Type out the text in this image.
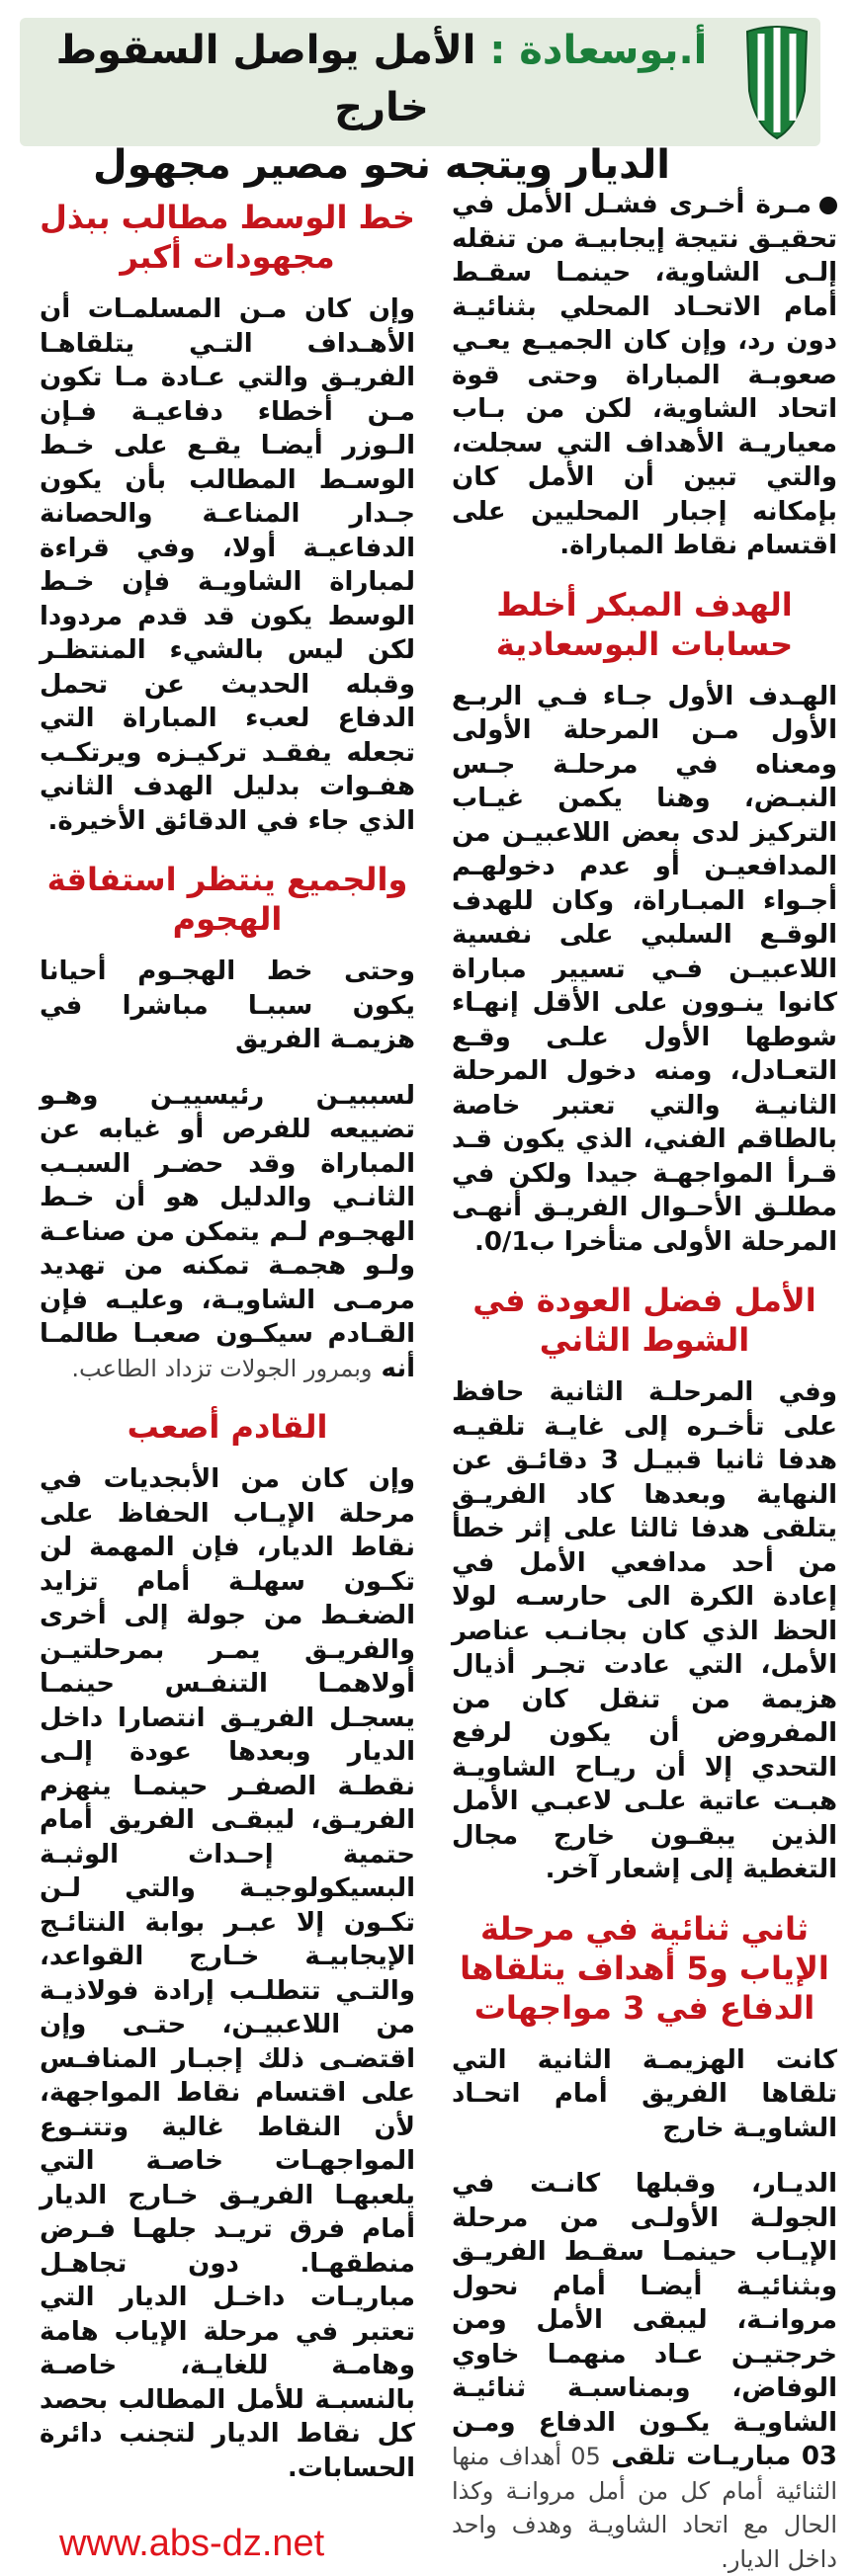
أ.بوسعادة : الأمل يواصل السقوط خارج
الديار ويتجه نحو مصير مجهول

مـرة أخـرى فشـل الأمل في تحقيـق نتيجة إيجابيـة من تنقله إلـى الشاوية، حينمـا سقـط أمام الاتحـاد المحلي بثنائيـة دون رد، وإن كان الجميـع يعـي صعوبـة المباراة وحتى قوة اتحاد الشاوية، لكن من بـاب معياريـة الأهداف التي سجلت، والتي تبين أن الأمل كان بإمكانه إجبار المحليين على اقتسام نقاط المباراة.

الهدف المبكر أخلط حسابات البوسعادية

الهـدف الأول جـاء فـي الربـع الأول مـن المرحلة الأولى ومعناه في مرحلـة جـس النبـض، وهنا يكمن غيـاب التركيز لدى بعض اللاعبيـن من المدافعيـن أو عدم دخولهـم أجـواء المبـاراة، وكان للهدف الوقـع السلبي على نفسية اللاعبيـن فـي تسيير مباراة كانوا ينـوون على الأقل إنهـاء شوطها الأول علـى وقـع التعـادل، ومنه دخول المرحلة الثانيـة والتي تعتبر خاصة بالطاقم الفني، الذي يكون قـد قـرأ المواجهـة جيدا ولكن في مطلـق الأحـوال الفريـق أنهـى المرحلة الأولى متأخرا ب0/1.

الأمل فضل العودة في الشوط الثاني

وفي المرحلـة الثانية حافظ على تأخـره إلى غايـة تلقيـه هدفا ثانيا قبيـل 3 دقائـق عن النهاية وبعدها كاد الفريـق يتلقى هدفا ثالثا على إثر خطأ من أحد مدافعي الأمل في إعادة الكرة الى حارسـه لولا الحظ الذي كان بجانـب عناصر الأمل، التي عادت تجـر أذيال هزيمة من تنقل كان من المفروض أن يكون لرفع التحدي إلا أن ريـاح الشاويـة هبـت عاتية علـى لاعبـي الأمل الذين يبقـون خارج مجال التغطية إلى إشعار آخر.

ثاني ثنائية في مرحلة الإياب و5 أهداف يتلقاها الدفاع في 3 مواجهات

كانت الهزيمـة الثانية التي تلقاها الفريق أمام اتحـاد الشاويـة خارج

الديـار، وقبلها كانـت في الجولـة الأولـى من مرحلة الإيـاب حينمـا سقـط الفريـق وبثنائيـة أيضـا أمام نحول مروانـة، ليبقى الأمل ومن خرجتيـن عـاد منهمـا خاوي الوفاض، وبمناسبـة ثنائيـة الشاويـة يكـون الدفاع ومـن 03 مباريـات تلقى 05 أهداف منها الثنائية أمام كل من أمل مروانـة وكذا الحال مع اتحاد الشاويـة وهدف واحد داخل الديار.

خط الوسط مطالب ببذل مجهودات أكبر

وإن كان مـن المسلمـات أن الأهـداف التـي يتلقاهـا الفريـق والتي عـادة مـا تكون مـن أخطاء دفاعيـة فـإن الـوزر أيضـا يقـع على خـط الوسـط المطالب بأن يكون جـدار المناعـة والحصانة الدفاعيـة أولا، وفي قراءة لمباراة الشاويـة فإن خـط الوسط يكون قد قدم مردودا لكن ليس بالشيء المنتظـر وقبله الحديث عن تحمل الدفاع لعبء المباراة التي تجعله يفقـد تركيـزه ويرتكـب هفـوات بدليل الهدف الثاني الذي جاء في الدقائق الأخيرة.

والجميع ينتظر استفاقة الهجوم

وحتى خط الهجـوم أحيانا يكون سببـا مباشرا في هزيمـة الفريق

لسببيـن رئيسييـن وهـو تضييعه للفرص أو غيابه عن المباراة وقد حضـر السبـب الثانـي والدليل هو أن خـط الهجـوم لـم يتمكن من صناعـة ولـو هجمـة تمكنه من تهديد مرمـى الشاويـة، وعليـه فإن القـادم سيكـون صعبـا طالمـا أنه وبمرور الجولات تزداد الطاعب.

القادم أصعب

وإن كان من الأبجديات في مرحلة الإيـاب الحفاظ على نقاط الديار، فإن المهمة لن تكـون سهلـة أمام تزايد الضغـط من جولة إلى أخرى والفريـق يمـر بمرحلتيـن أولاهمـا التنفـس حينمـا يسجـل الفريـق انتصارا داخل الديار وبعدها عودة إلـى نقطـة الصفـر حينمـا ينهزم الفريـق، ليبقـى الفريق أمام حتمية إحـداث الوثبـة البسيكولوجيـة والتي لـن تكـون إلا عبـر بوابة النتائـج الإيجابيـة خـارج القواعد، والتـي تتطلـب إرادة فولاذيـة من اللاعبيـن، حتـى وإن اقتضـى ذلك إجبـار المنافـس على اقتسام نقاط المواجهة، لأن النقاط غالية وتتنـوع المواجهـات خاصـة التي يلعبهـا الفريـق خـارج الديار أمام فرق تريـد جلهـا فـرض منطقهـا. دون تجاهـل مباريـات داخـل الديار التي تعتبر في مرحلة الإياب هامة وهامـة للغايـة، خاصـة بالنسبـة للأمل المطالب بحصد كل نقاط الديار لتجنب دائرة الحسابات.

www.abs-dz.net
